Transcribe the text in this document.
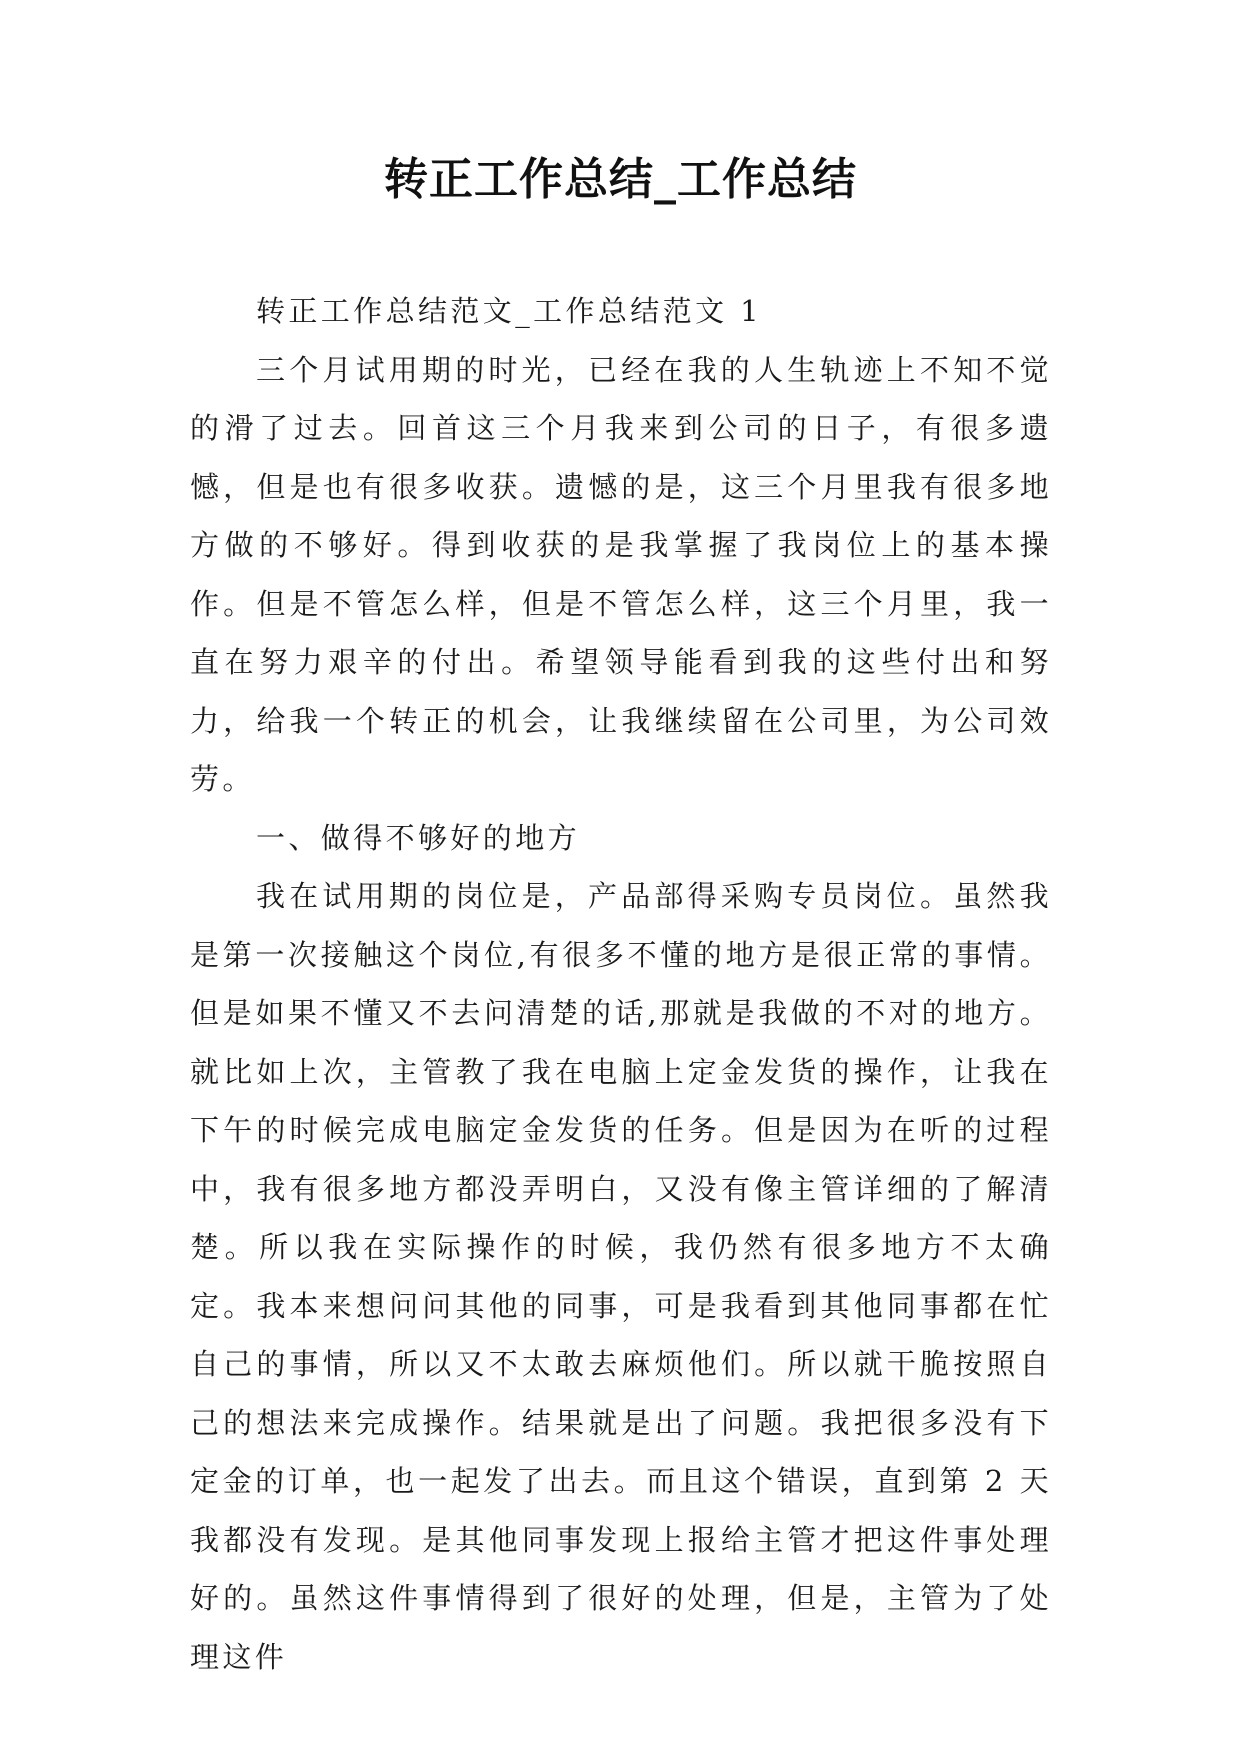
转正工作总结_工作总结

转正工作总结范文_工作总结范文 1

三个月试用期的时光，已经在我的人生轨迹上不知不觉的滑了过去。回首这三个月我来到公司的日子，有很多遗憾，但是也有很多收获。遗憾的是，这三个月里我有很多地方做的不够好。得到收获的是我掌握了我岗位上的基本操作。但是不管怎么样，但是不管怎么样，这三个月里，我一直在努力艰辛的付出。希望领导能看到我的这些付出和努力，给我一个转正的机会，让我继续留在公司里，为公司效劳。

一、做得不够好的地方

我在试用期的岗位是，产品部得采购专员岗位。虽然我是第一次接触这个岗位,有很多不懂的地方是很正常的事情。但是如果不懂又不去问清楚的话,那就是我做的不对的地方。就比如上次，主管教了我在电脑上定金发货的操作，让我在下午的时候完成电脑定金发货的任务。但是因为在听的过程中，我有很多地方都没弄明白，又没有像主管详细的了解清楚。所以我在实际操作的时候，我仍然有很多地方不太确定。我本来想问问其他的同事，可是我看到其他同事都在忙自己的事情，所以又不太敢去麻烦他们。所以就干脆按照自己的想法来完成操作。结果就是出了问题。我把很多没有下定金的订单，也一起发了出去。而且这个错误，直到第 2 天我都没有发现。是其他同事发现上报给主管才把这件事处理好的。虽然这件事情得到了很好的处理，但是，主管为了处理这件
